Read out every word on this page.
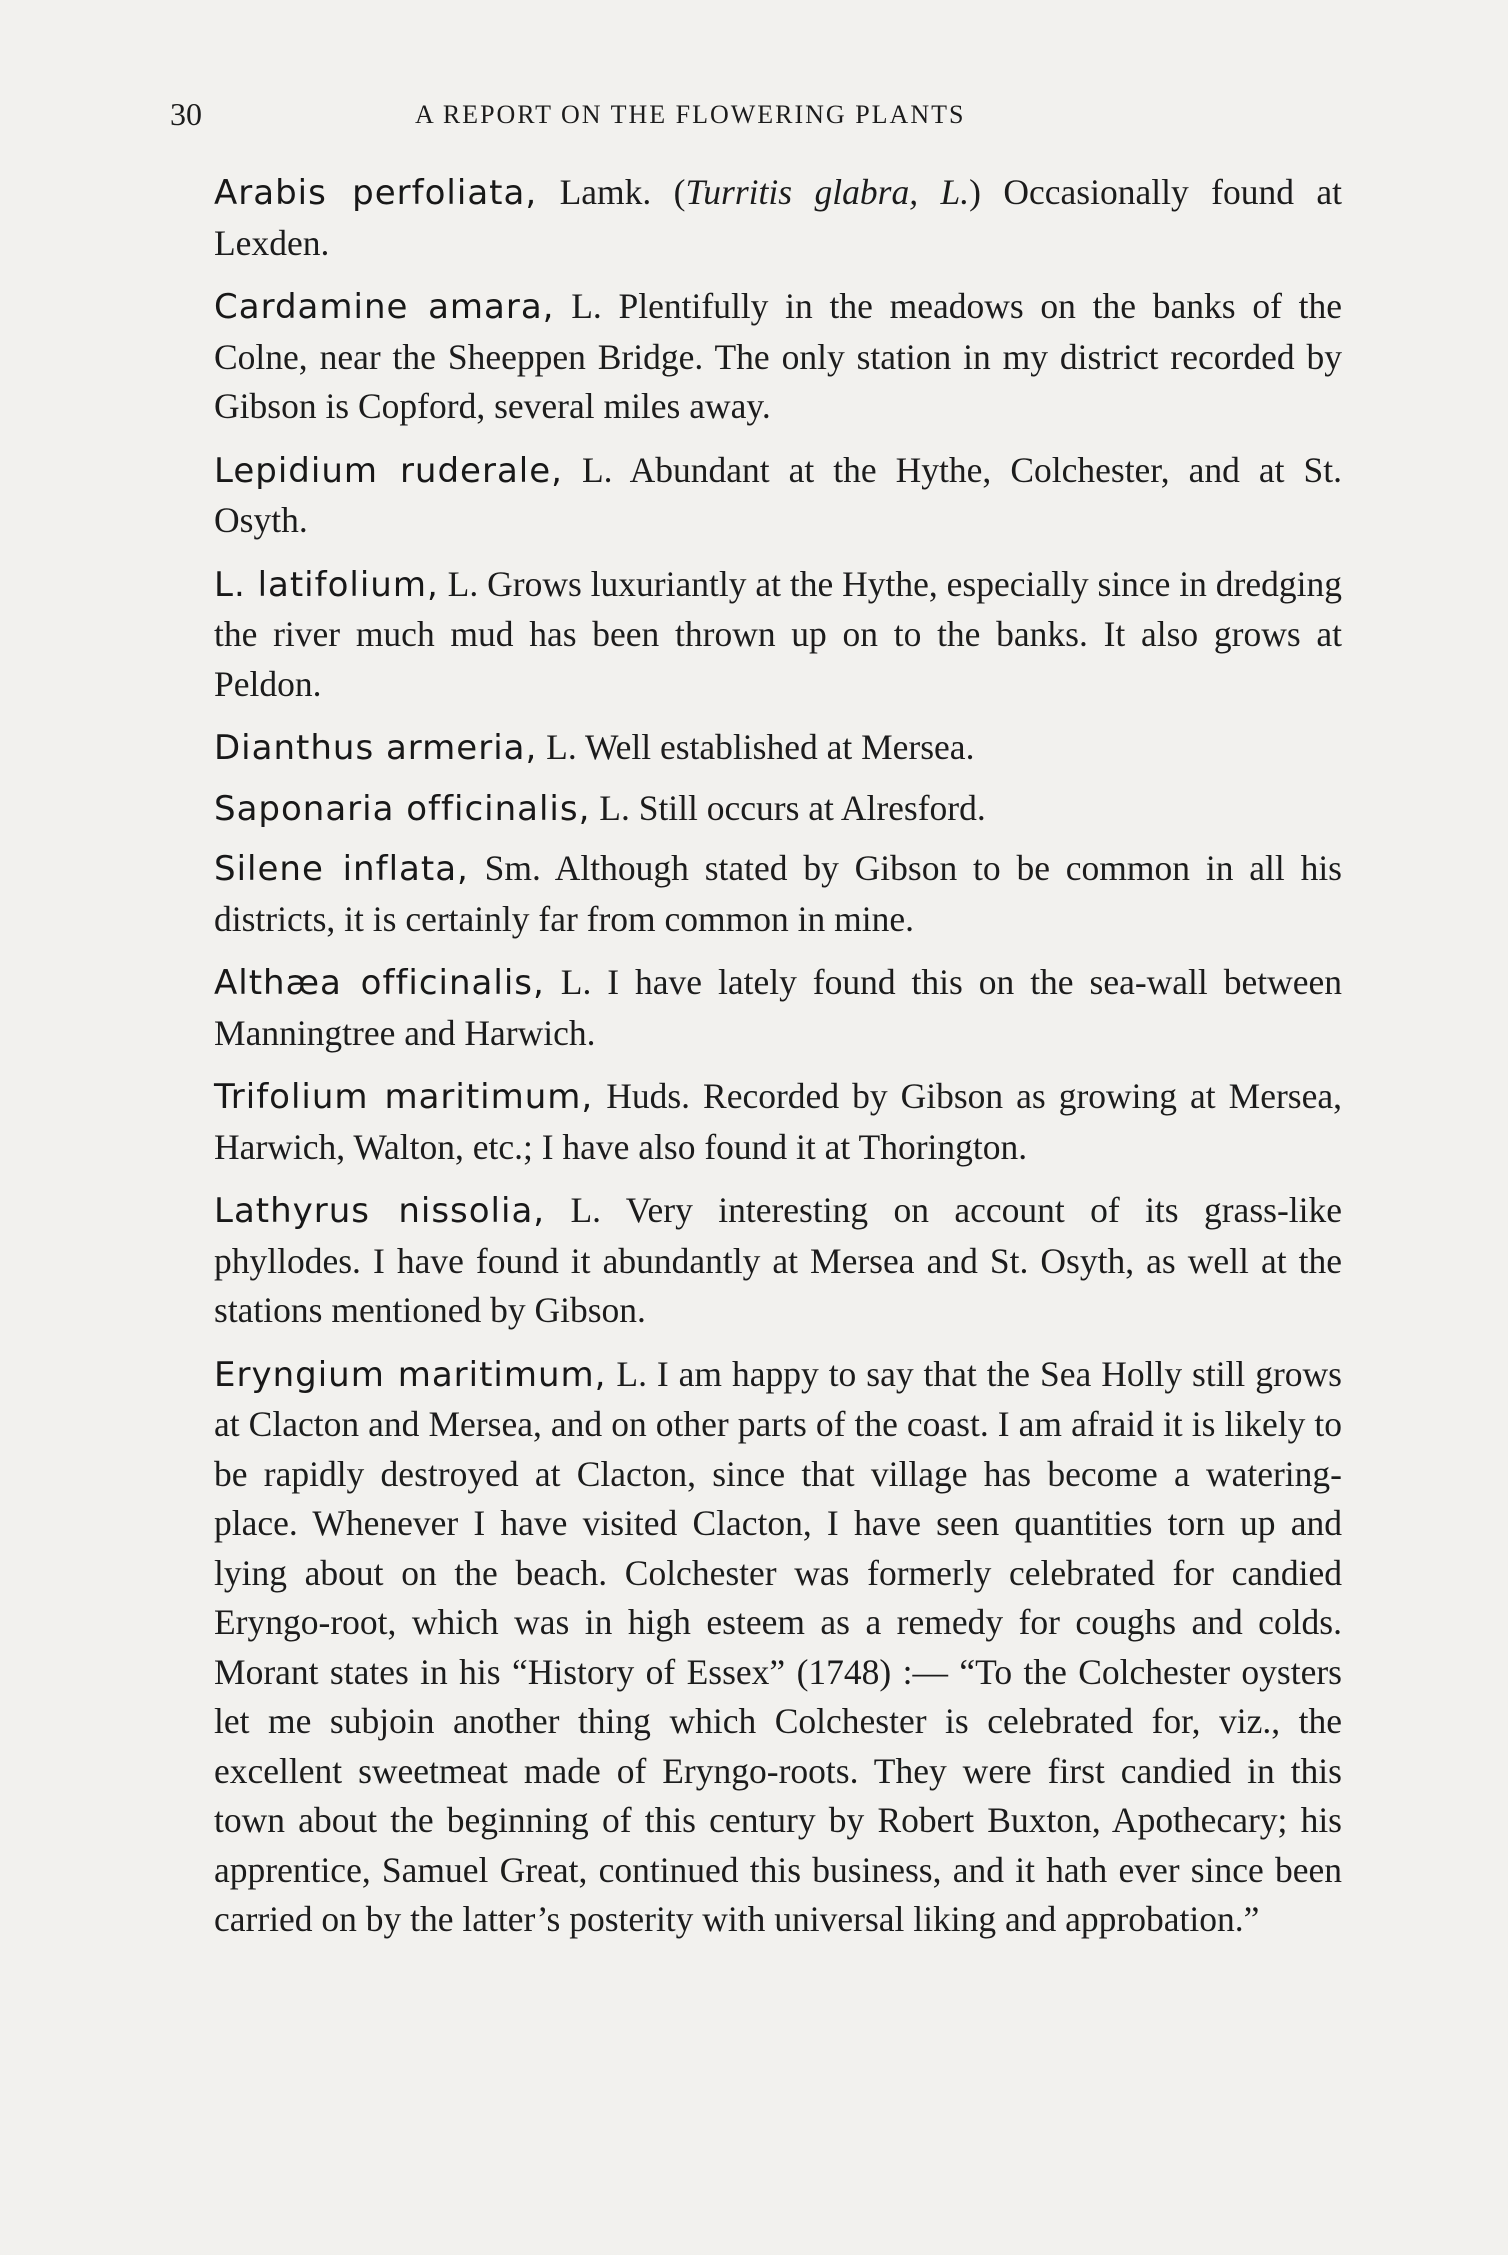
30	A REPORT ON THE FLOWERING PLANTS

Arabis perfoliata, Lamk. (Turritis glabra, L.) Occasionally found at Lexden.

Cardamine amara, L. Plentifully in the meadows on the banks of the Colne, near the Sheeppen Bridge. The only station in my district recorded by Gibson is Copford, several miles away.

Lepidium ruderale, L. Abundant at the Hythe, Colchester, and at St. Osyth.

L. latifolium, L. Grows luxuriantly at the Hythe, especially since in dredging the river much mud has been thrown up on to the banks. It also grows at Peldon.

Dianthus armeria, L. Well established at Mersea.

Saponaria officinalis, L. Still occurs at Alresford.

Silene inflata, Sm. Although stated by Gibson to be common in all his districts, it is certainly far from common in mine.

Althæa officinalis, L. I have lately found this on the sea-wall between Manningtree and Harwich.

Trifolium maritimum, Huds. Recorded by Gibson as growing at Mersea, Harwich, Walton, etc.; I have also found it at Thorington.

Lathyrus nissolia, L. Very interesting on account of its grass-like phyllodes. I have found it abundantly at Mersea and St. Osyth, as well at the stations mentioned by Gibson.

Eryngium maritimum, L. I am happy to say that the Sea Holly still grows at Clacton and Mersea, and on other parts of the coast. I am afraid it is likely to be rapidly destroyed at Clacton, since that village has become a watering-place. Whenever I have visited Clacton, I have seen quantities torn up and lying about on the beach. Colchester was formerly celebrated for candied Eryngo-root, which was in high esteem as a remedy for coughs and colds. Morant states in his “History of Essex” (1748) :— “To the Colchester oysters let me subjoin another thing which Colchester is celebrated for, viz., the excellent sweetmeat made of Eryngo-roots. They were first candied in this town about the beginning of this century by Robert Buxton, Apothecary; his apprentice, Samuel Great, continued this business, and it hath ever since been carried on by the latter’s posterity with universal liking and approbation.”
